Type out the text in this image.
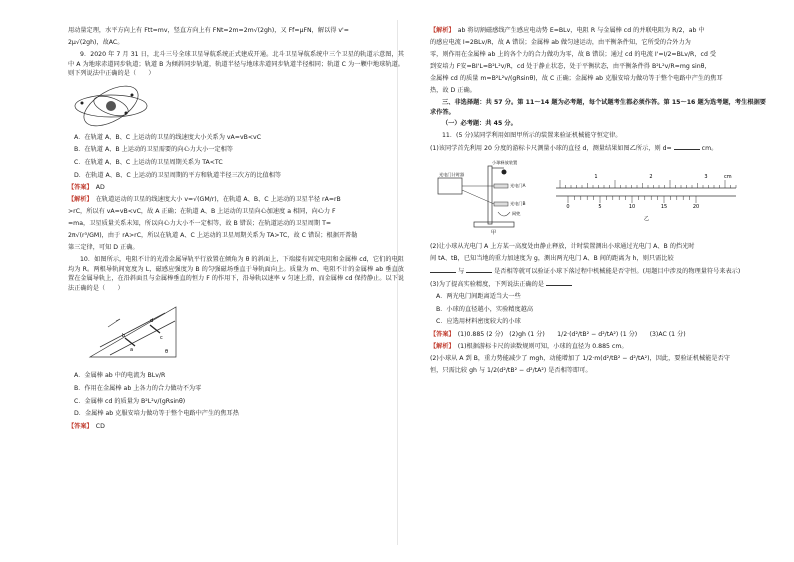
用动量定理，水平方向上有 Ftt=mv，竖直方向上有 FNt=2m=2m√(2gh)，又 Ff=μFN，解以得 v'=

2μ√(2gh)，故AC。

9．2020 年 7 月 31 日，北斗三号全球卫星导航系统正式建成开通。北斗卫星导航系统中三个卫星的轨道示意图，其中 A 为地球赤道同步轨道；轨道 B 为倾斜同步轨道，轨道半径与地球赤道同步轨道半径相同；轨道 C 为一颗中地球轨道。则下列说法中正确的是（　　）

A．在轨道 A、B、C 上运动的卫星的线速度大小关系为 vA=vB<vC

B．在轨道 A、B 上运动的卫星需要的向心力大小一定相等

C．在轨道 A、B、C 上运动的卫星周期关系为 TA<TC

D．在轨道 A、B、C 上运动的卫星周期的平方和轨道半径三次方的比值相等

【答案】 AD

【解析】 在轨道运动的卫星的线速度大小 v=√(GM/r)，在轨道 A、B、C 上运动的卫星半径 rA=rB

>rC，所以有 vA=vB<vC，故 A 正确；在轨道 A、B 上运动的卫星向心加速度 a 相同，向心力 F

=ma，卫星质量关系未知，所以向心力大小不一定相等，故 B 错误；在轨道运动的卫星周期 T=

2π√(r³/GM)，由于 rA>rC，所以在轨道 A、C 上运动的卫星周期关系为 TA>TC，故 C 错误；根据开普勒

第三定律，可知 D 正确。

10．如图所示，电阻不计的光滑金属导轨平行放置在倾角为 θ 的斜面上，下端接有固定电阻和金属棒 cd，它们的电阻均为 R。两根导轨间宽度为 L，磁感应强度为 B 的匀强磁场垂直于导轨面向上。质量为 m、电阻不计的金属棒 ab 垂直放置在金属导轨上，在沿斜面且与金属棒垂直的恒力 F 的作用下，沿导轨以速率 v 匀速上滑，而金属棒 cd 保持静止。以下说法正确的是（　　）

a
b	c
d
θ

A．金属棒 ab 中的电流为 BLv/R

B．作用在金属棒 ab 上各力的合力做功不为零

C．金属棒 cd 的质量为 B²L²v/(gRsinθ)

D．金属棒 ab 克服安培力做功等于整个电路中产生的焦耳热

【答案】 CD

【解析】 ab 将切割磁感线产生感应电动势 E=BLv，电阻 R 与金属棒 cd 的并联电阻为 R/2，ab 中

的感应电流 I=2BLv/R，故 A 错误；金属棒 ab 做匀速运动，由平衡条件知，它所受的合外力为

零，则作用在金属棒 ab 上的各个力的合力做功为零，故 B 错误；通过 cd 的电流 I'=I/2=BLv/R，cd 受

到安培力 F安=BI'L=B²L²v/R，cd 处于静止状态，处于平衡状态，由平衡条件得 B²L²v/R=mg sinθ，

金属棒 cd 的质量 m=B²L²v/(gRsinθ)，故 C 正确；金属棒 ab 克服安培力做功等于整个电路中产生的焦耳

热，故 D 正确。

三、非选择题：共 57 分。第 11～14 题为必考题，每个试题考生都必须作答。第 15～16 题为选考题，考生根据要求作答。

（一）必考题：共 45 分。

11．(5 分)某同学利用如图甲所示的装置来验证机械能守恒定律。

(1)该同学首先利用 20 分度的游标卡尺测量小球的直径 d，测量结果如图乙所示，则 d=	cm。

小球释放装置
光电门计时器
光电门A
光电门B
网兜
甲
1	2	3	cm
0	5	10	15	20
乙

(2)让小球从光电门 A 上方某一高度处由静止释放，计时装置测出小球通过光电门 A、B 的挡光时

间 tA、tB，已知当地的重力加速度为 g，测出两光电门 A、B 间的距离为 h，则只需比较

与	是否相等就可以验证小球下落过程中机械能是否守恒。(用题目中涉及的物理量符号来表示)

(3)为了提高实验精度，下列说法正确的是

A．两光电门间距离适当大一些

B．小球的直径越小，实验精度越高

C．应选用材料密度较大的小球

【答案】 (1)0.885 (2 分)　(2)gh (1 分)　　1/2·(d²/tB² − d²/tA²) (1 分)　　(3)AC (1 分)

【解析】 (1)根据游标卡尺的读数规则可知，小球的直径为 0.885 cm。

(2)小球从 A 到 B，重力势能减少了 mgh，动能增加了 1/2·m(d²/tB² − d²/tA²)，因此，要验证机械能是否守

恒，只需比较 gh 与 1/2(d²/tB² − d²/tA²) 是否相等即可。
